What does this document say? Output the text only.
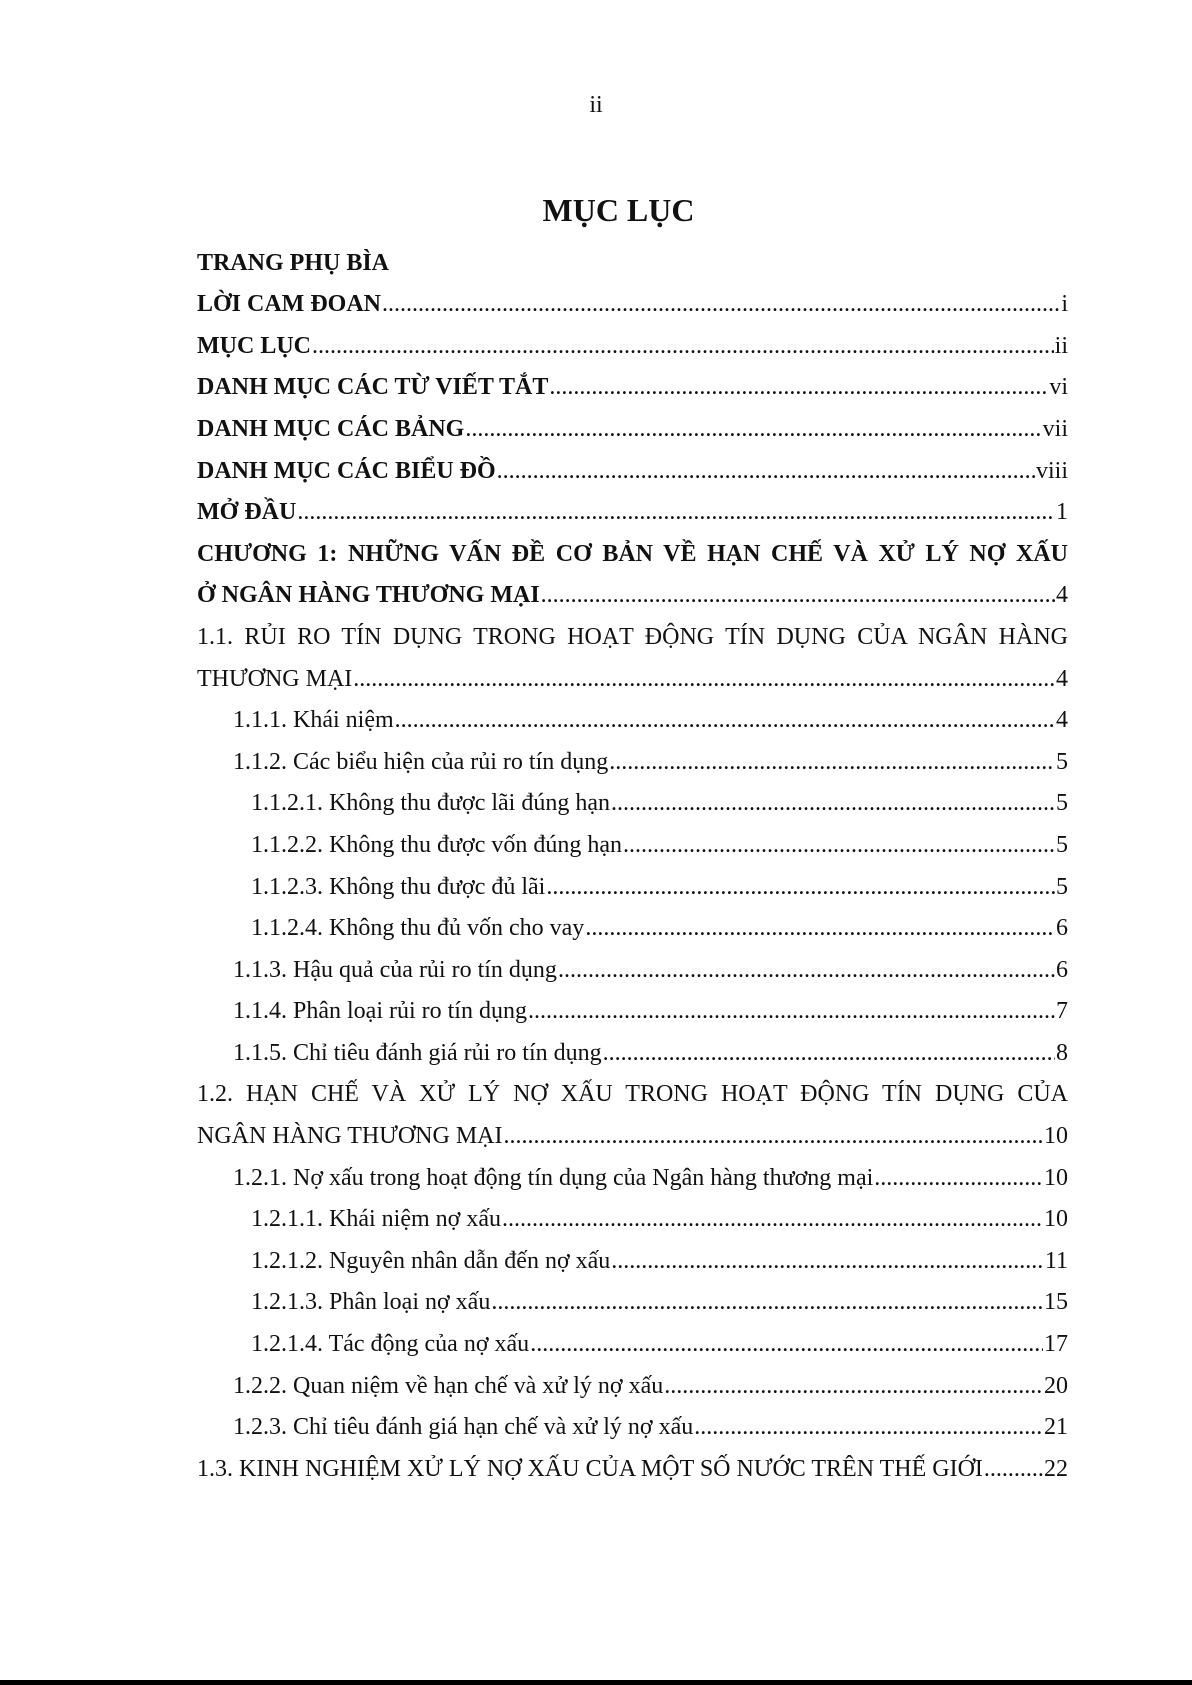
ii
MỤC LỤC
TRANG PHỤ BÌA
LỜI CAM ĐOAN .....	i
MỤC LỤC .....	ii
DANH MỤC CÁC TỪ VIẾT TẮT .....	vi
DANH MỤC CÁC BẢNG .....	vii
DANH MỤC CÁC BIỂU ĐỒ .....	viii
MỞ ĐẦU .....	1
CHƯƠNG 1: NHỮNG VẤN ĐỀ CƠ BẢN VỀ HẠN CHẾ VÀ XỬ LÝ NỢ XẤU
Ở NGÂN HÀNG THƯƠNG MẠI .....	4
1.1. RỦI RO TÍN DỤNG TRONG HOẠT ĐỘNG TÍN DỤNG CỦA NGÂN HÀNG
THƯƠNG MẠI .....	4
1.1.1. Khái niệm .....	4
1.1.2. Các biểu hiện của rủi ro tín dụng .....	5
1.1.2.1. Không thu được lãi đúng hạn .....	5
1.1.2.2. Không thu được vốn đúng hạn .....	5
1.1.2.3. Không thu được đủ lãi .....	5
1.1.2.4. Không thu đủ vốn cho vay .....	6
1.1.3. Hậu quả của rủi ro tín dụng .....	6
1.1.4. Phân loại rủi ro tín dụng .....	7
1.1.5. Chỉ tiêu đánh giá rủi ro tín dụng .....	8
1.2. HẠN CHẾ VÀ XỬ LÝ NỢ XẤU TRONG HOẠT ĐỘNG TÍN DỤNG CỦA
NGÂN HÀNG THƯƠNG MẠI .....	10
1.2.1. Nợ xấu trong hoạt động tín dụng của Ngân hàng thương mại .....	10
1.2.1.1. Khái niệm nợ xấu .....	10
1.2.1.2. Nguyên nhân dẫn đến nợ xấu .....	11
1.2.1.3. Phân loại nợ xấu .....	15
1.2.1.4. Tác động của nợ xấu .....	17
1.2.2. Quan niệm về hạn chế và xử lý nợ xấu .....	20
1.2.3. Chỉ tiêu đánh giá hạn chế và xử lý nợ xấu .....	21
1.3. KINH NGHIỆM XỬ LÝ NỢ XẤU CỦA MỘT SỐ NƯỚC TRÊN THẾ GIỚI .....	22
